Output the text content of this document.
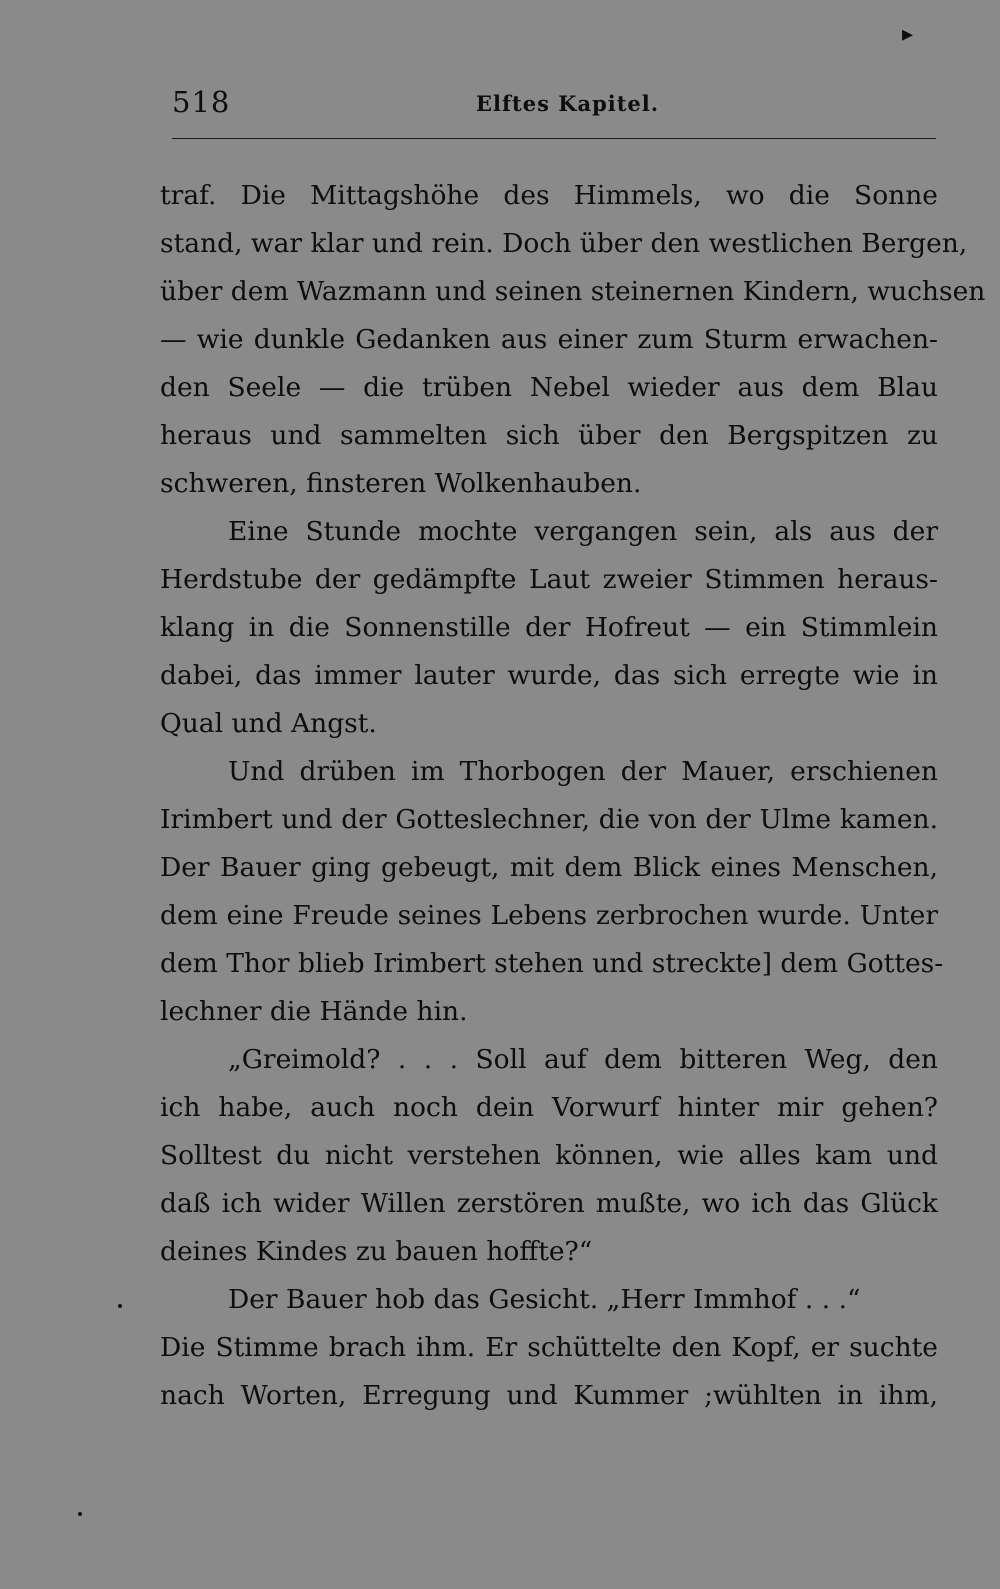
▸
518	Elftes Kapitel.
traf. Die Mittagshöhe des Himmels, wo die Sonne
stand, war klar und rein. Doch über den westlichen Bergen,
über dem Wazmann und seinen steinernen Kindern, wuchsen
— wie dunkle Gedanken aus einer zum Sturm erwachen-
den Seele — die trüben Nebel wieder aus dem Blau
heraus und sammelten sich über den Bergspitzen zu
schweren, finsteren Wolkenhauben.
Eine Stunde mochte vergangen sein, als aus der
Herdstube der gedämpfte Laut zweier Stimmen heraus-
klang in die Sonnenstille der Hofreut — ein Stimmlein
dabei, das immer lauter wurde, das sich erregte wie in
Qual und Angst.
Und drüben im Thorbogen der Mauer, erschienen
Irimbert und der Gotteslechner, die von der Ulme kamen.
Der Bauer ging gebeugt, mit dem Blick eines Menschen,
dem eine Freude seines Lebens zerbrochen wurde. Unter
dem Thor blieb Irimbert stehen und streckte] dem Gottes-
lechner die Hände hin.
„Greimold? . . . Soll auf dem bitteren Weg, den
ich habe, auch noch dein Vorwurf hinter mir gehen?
Solltest du nicht verstehen können, wie alles kam und
daß ich wider Willen zerstören mußte, wo ich das Glück
deines Kindes zu bauen hoffte?“
Der Bauer hob das Gesicht. „Herr Immhof . . .“
Die Stimme brach ihm. Er schüttelte den Kopf, er suchte
nach Worten, Erregung und Kummer ;wühlten in ihm,
